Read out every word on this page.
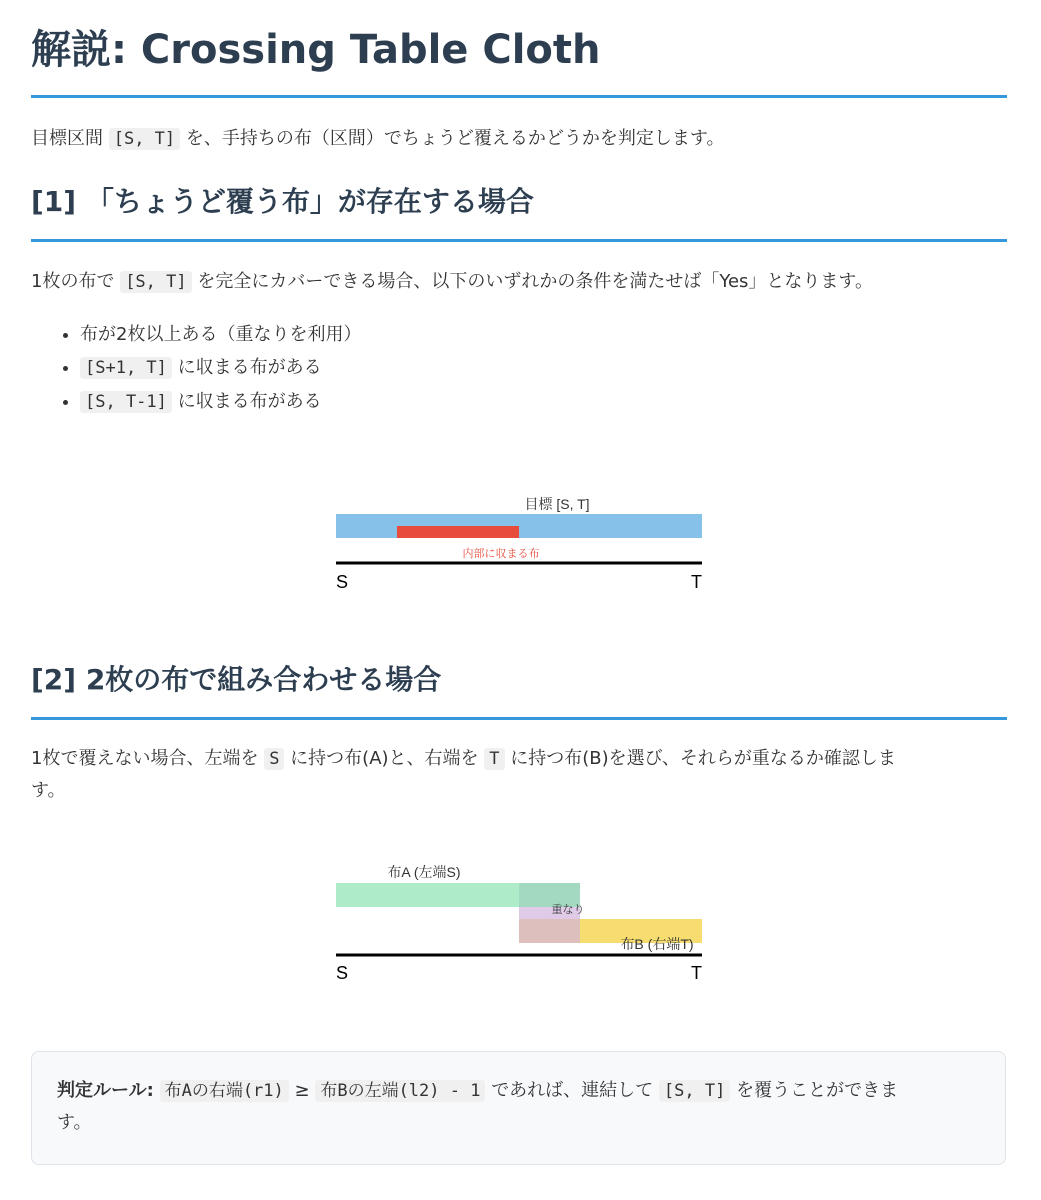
解説: Crossing Table Cloth

目標区間 [S, T] を、手持ちの布（区間）でちょうど覆えるかどうかを判定します。

[1] 「ちょうど覆う布」が存在する場合

1枚の布で [S, T] を完全にカバーできる場合、以下のいずれかの条件を満たせば「Yes」となります。

• 布が2枚以上ある（重なりを利用）
• [S+1, T] に収まる布がある
• [S, T-1] に収まる布がある
目標 [S, T]
内部に収まる布
S	T
[2] 2枚の布で組み合わせる場合

1枚で覆えない場合、左端を S に持つ布(A)と、右端を T に持つ布(B)を選び、それらが重なるか確認しま

す。

布A (左端S)
重なり
布B (右端T)
S	T
判定ルール: 布Aの右端(r1) ≥ 布Bの左端(l2) - 1 であれば、連結して [S, T] を覆うことができま
す。
